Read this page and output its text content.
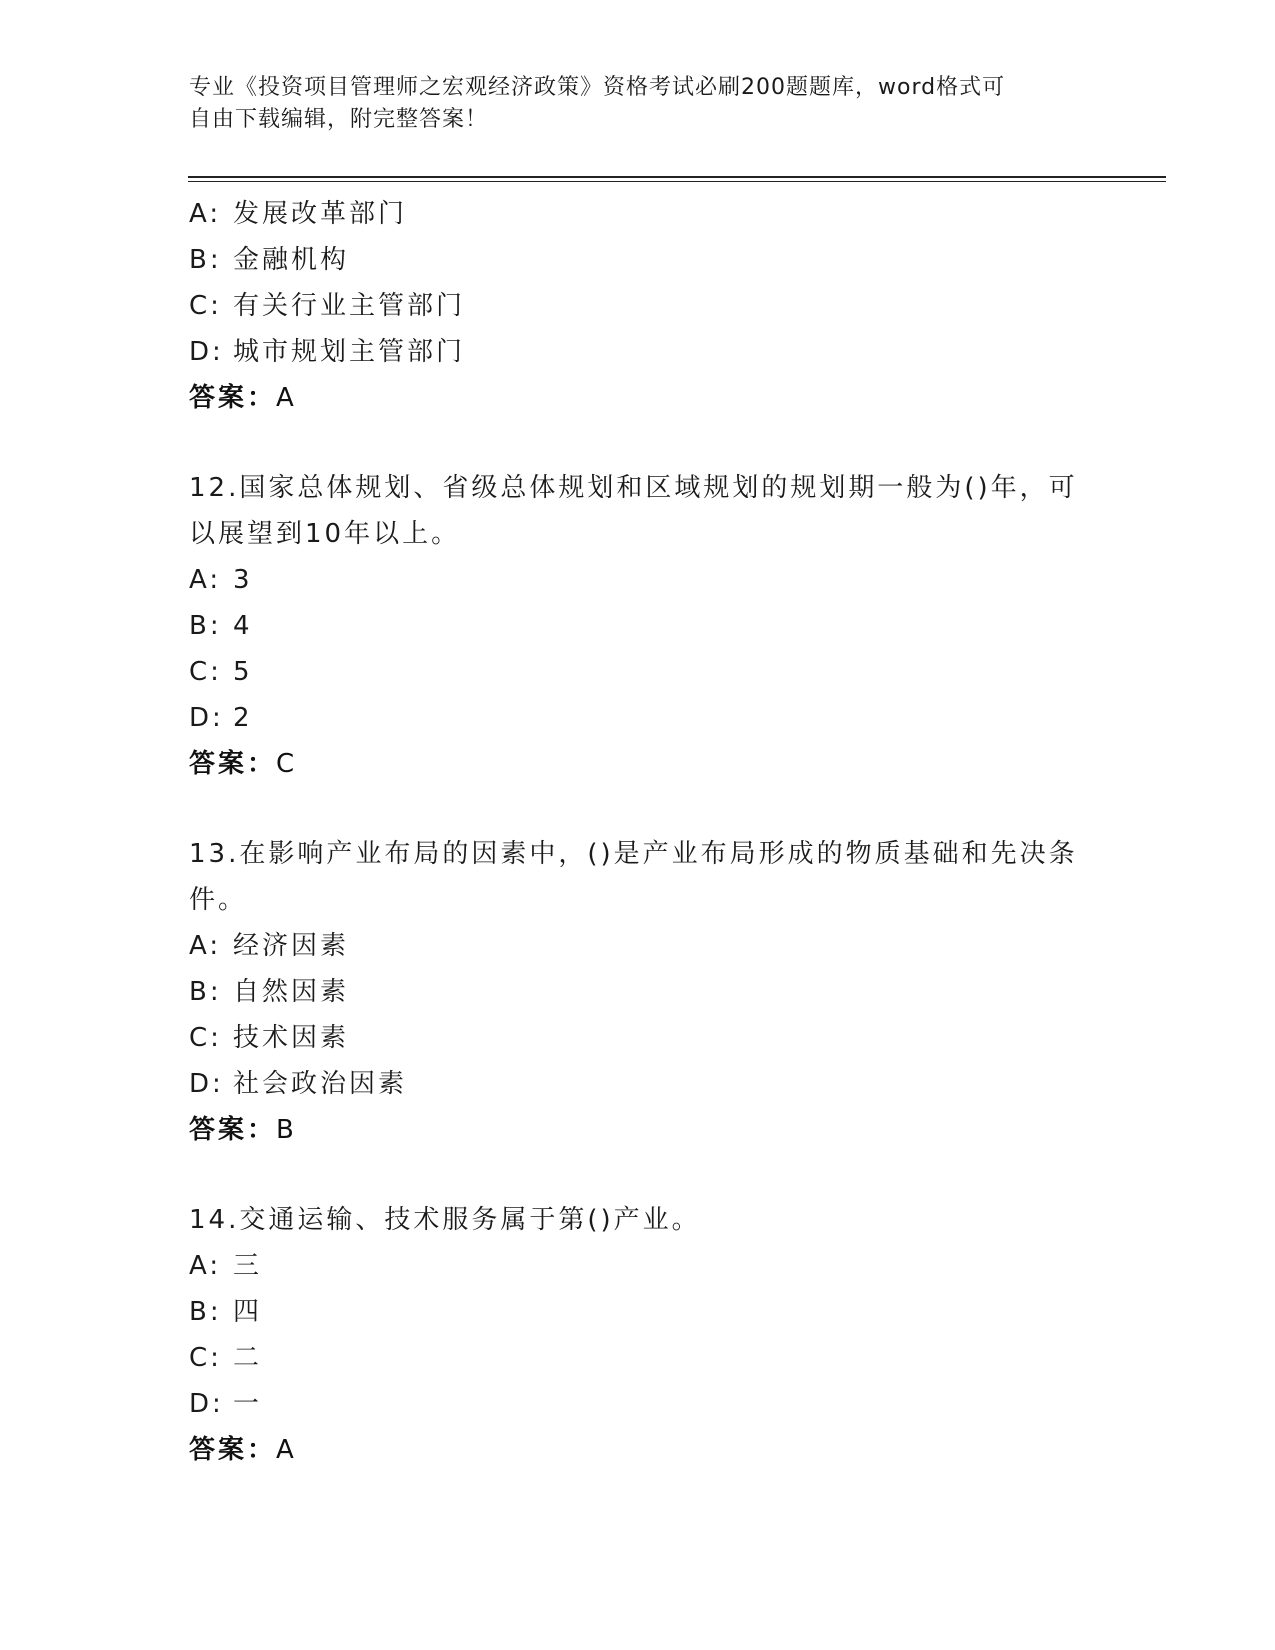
专业《投资项目管理师之宏观经济政策》资格考试必刷200题题库，word格式可
自由下载编辑，附完整答案！
A: 发展改革部门
B: 金融机构
C: 有关行业主管部门
D: 城市规划主管部门
答案：A
12.国家总体规划、省级总体规划和区域规划的规划期一般为()年，可
以展望到10年以上。
A: 3
B: 4
C: 5
D: 2
答案：C
13.在影响产业布局的因素中，()是产业布局形成的物质基础和先决条
件。
A: 经济因素
B: 自然因素
C: 技术因素
D: 社会政治因素
答案：B
14.交通运输、技术服务属于第()产业。
A: 三
B: 四
C: 二
D: 一
答案：A
